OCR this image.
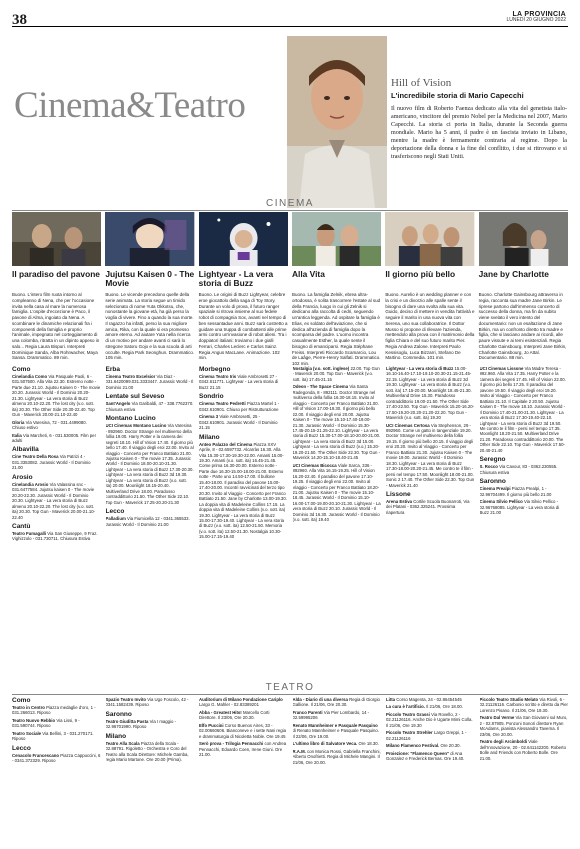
38	LA PROVINCIA
LUNEDÌ 20 GIUGNO 2022
Cinema&Teatro
Hill of Vision
L'incredibile storia di Mario Capecchi

Il nuovo film di Roberto Faenza dedicato alla vita del genetista italo-americano, vincitore del premio Nobel per la Medicina nel 2007, Mario Capecchi. La storia ci porta in Italia, durante la Seconda guerra mondiale. Mario ha 5 anni, il padre è un fascista inviato in Libano, mentre la madre è fermamente contraria al regime. Dopo la deportazione della donna e la fine del conflitto, i due si ritrovano e si trasferiscono negli Stati Uniti.

CINEMA
Il paradiso del pavone
Buono. L'intero film ruota intorno al compleanno di Nena, che per l'occasione invita nella casa al mare la numerosa famiglia. L'ospite d'eccezione è Paco, il pavone di Alma, ingoiato da Nena. A scombinare le dinamiche relazionali fra i componenti della famiglia e proprio l'animale, impegnato nel corteggiamento di una colomba, ritratta in un dipinto appeso in salo... Regia Laura Bispuri. Interpreti Dominique Sanda, Alba Rohrwacher, Maya Sansa. Drammatico. 89 min.
Jujutsu Kaisen 0 - The Movie
Buono. Le vicende precedono quelle della serie animata. La storia segue un timido selezionato di nome Yuta Okkotsu, che, nonostante la giovane età, ha già perso la voglia di vivere. Fino a quando la sua morte. Il ragazzo ha infatti, perso la sua migliore amica, Rika, con la quale si era promesso amore eterno. Ad aiutare Yuta nella ricerca di un motivo per andare avanti ci sarà lo stregone Satoru Gojo e la sua scuola di arti occulte. Regia Park Seonghun. Drammatico. 105 min.
Lightyear - La vera storia di Buzz
Buono. Le origini di Buzz Lightyear, celebre eroe giocattolo della saga di Toy Story. Durante un volo di prova, il futuro ranger spaziale si ritrova insieme al suo fedele robot di compagnia Sox, avanti nel tempo di ben sessantadue anni. Buzz sarà costretto a guidare una truppa di combattenti alle prime armi contro un'invasione di robot alieni. Tra i doppiatori italiani: troviamo i due gialli Ferrari, Charles Leclerc e Carlos Sainz. Regia Angus MacLane. Animazione. 102 min.
Alla Vita
Buono. La famiglia Zelnik, ebrea ultra-ortodossa, è solita trascorrere l'estate al sud della Francia, luogo in cui gli Zelnik si dedicano alla raccolta di cedri, seguendo un'antica leggenda. Ad ospitare la famiglia è Elias, ex soldato dell'aviazione, che si dedica all'azienda di famiglia dopo la scomparsa del padre. L'uomo incontra casualmente Esther, la quale sente il bisogno di emanciparsi. Regia Stéphane Freiss. Interpreti Riccardo Scamarcio, Lou de Laâge, Pierre-Henry Salfati. Drammatico. 102 min.
Il giorno più bello
Buono. Aurelio è un wedding planner e con la crisi e un divorzio alle spalle sente il bisogno di dare una svolta alla sua vita. Guido, deciso di mettere in vendita l'attività e seguire il marito in una nuova vita con Serena, uno sua collaboratrice. Il Dottor Musso si propone di rilevare l'azienda, mettendolo alla prova con il matrimonio della figlia Chiara e del suo futuro marito Pier. Regia Andrea Zalone. Interpreti Paolo Kessisoglu, Luca Bizzarri, Stefano De Martino. Commedia. 101 min.
Jane by Charlotte
Buono. Charlotte Gainsbourg attraverso in regia, racconta sua madre Jane Birkin. Le riprese partono dall'immenso concerto di successo della donna, ma fin da subito viene svelato il vero intento del documentario: non un esaltazione di Jane Birkin, ma un confronto diretto tra madre e figlia, che si lasciano andare ai ricordi, alle paure vissute e ai temi esistenziali. Regia Charlotte Gainsbourg. Interpreti Jane Birkin, Charlotte Gainsbourg, Jo Attal. Documentario. 88 min.
Como
Cinelandia Como Via Pasquale Paoli, 6 - 031.507500. Alla Vita 22.30. Estremo notte - Parte due 21.10. Jujutsu Kaisen 0 - The movie 20.20. Jurassic World - Il Dominio 20.20-21.30. Lightyear - La vera storia di Buzz almeno 20.10-22.20. The lost city (v.o. sott. ita) 20.30. The Other Side 20.30-22.40. Top Gun - Maverick 20.00-21.10-22.40
Gloria Via Varesina, 72 - 031.4499080. Chiuso estivo
Italia Via Marcheti, 6 - 031.530005. Film per adulti
Albavilla
Cine Teatro Della Rosa Via Patrizi 4 - 031.3353082. Jurassic World - Il Dominio 21.00
Arosio
Cinelandia Arosio Via Valassina snc - 031.6477584. Jujutsu kaisen 0 - The movie 20.20-22.30. Jurassic World - Il Dominio 20.30. Lightyear - La vera storia di Buzz almeno 20.10-22.20. The lost city (v.o. sott. ita) 20.30. Top Gun - Maverick 20.00-21.10-22.40
Cantù
Teatro Fumagalli Via San Giuseppe, 9 Fraz. Vighizzolo - 031.730711. Chiusura Estiva
Erba
Cinema Teatro Excelsior Via Diaz - 031.6420099.031.3333447. Jurassic World - Il Dominio 21.00
Lentate sul Seveso
Sant'Angelo Via Garibaldi, 47 - 338.7762370. Chiusura estiva
Montano Lucino
UCI Cinemas Montano Lucino Via Varesina - 892960. Doctor Strange nel multiverso della follia 19.00. Harry Potter e la camera dei segreti 18.10. Hill of Vision 17.40. Il giorno più bello 17.40. Il viaggio degli eroi 22.00. Invito al Viaggio - Concerto per Franco Battiato 21.00. Jujutsu Kaisen 0 - The movie 17.35. Jurassic World - Il Dominio 18.00-20.10-21.30. Lightyear - La vera storia di Buzz 17.30-20.30. Lightyear - La vera storia di Buzz 3d 19.30. Lightyear - La vera storia di Buzz (v.o. sott. ita) 20.00. Moonlight 18.15-20.40. Multiverland Drive 18.00. Paradosso contraddittorio 21.50. The Other Side 22.10. Top Gun - Maverick 17.25-20.20-21.30
Lecco
Palladium Via Fiumicella 12 - 0341.365533. Jurassic World - Il Dominio 21.00
Morbegno
Cinema Teatro Iris Viale Ambrosetti 27 - 0342.611771. Lightyear - La vera storia di Buzz 21.15
Sondrio
Cinema Teatro Pedretti Piazza Martel 1 - 0342.610901. Chiuso per Ristrutturazione
Cinema 3 Viale Ambrosetti, 25 - 0342.610901. Jurassic World - Il Dominio 21.15
Milano
Anteo Palazzo del Cinema Piazza XXV Aprile, 8 - 02.6597732. Alcarràs 16.30. Alla Vita 15.30-17.30-19.30-22.00. Amanti 15.00-19.30. Amanti (v.o. sott. ita) 16.45-21.45. Come prima 16.30-20.00. Esterno notte - Parte due 16.30-15.00-18.00-21.00. Esterno notte - Parte uno 14.50-17.00. Il bullone 15.40-18.00. Il paradiso del pavone 15.00-17.40-20.00. Incontri ravvicinati del terzo tipo 20.30. Invito al Viaggio - Concerto per Franco Battiato 21.50. Jane by Charlotte 13.00-19.30. La doppia vita di Madeleine Collins 17.15. La doppia vita di Madeleine Collins (v.o. sott. ita) 19.30. Lightyear - La vera storia di Buzz 15.00-17.30-19.40. Lightyear - La vera storia di Buzz (v.o. sott. ita) 12.50-21.50. Memoria (v.o. sott. ita) 12.50-21.30. Nostalgia 10.30-15.00-17.15-19.40
Nostalgia (v.o. sott. inglese) 22.00. Top Gun - Maverick 20.00. Top Gun - Maverick (v.o. sott. ita) 17.45-21.15
Odeon - The Space Cinema Via Santa Radegonda, 8 - 892111. Doctor Strange nel multiverso della follia 16.30-18.15. Invito al Viaggio - Concerto per Franco Battiato 21.00. Hill of Vision 17.00-19.30. Il giorno più bello 22.00. Il viaggio degli eroi 20.00. Jujutsu Kaisen 0 - The movie 15.10-17.40-19.00-21.30. Jurassic World - Il Dominio 15.30-17.45-20.15-21.25-22.10. Lightyear - La vera storia di Buzz 15.30-17.00-18.10-20.00-21.00. Lightyear - La vera storia di Buzz 3d 15.00. Lightyear - La vera storia di Buzz (v.o.) 15.20-19.20-21.50. The Other Side 22.30. Top Gun - Maverick 14.20-15.10-18.40-21.45
UCI Cinemas Bicocca Viale Sarca, 336 - 892960. Alla Vita 16.15-19.25. Hill of Vision 16.20-22.40. Il paradiso del pavone 17.10-19.25. Il viaggio degli eroi 22.00. Invito al Viaggio - Concerto per Franco Battiato 18.20-21.00. Jujutsu Kaisen 0 - The movie 15.10-18.45. Jurassic World - Il Dominio 15.10-16.00-17.00-19.00-20.10-21.30. Lightyear - La vera storia di Buzz 20.10. Jurassic World - Il Dominio 3d 16.30. Jurassic World - Il Dominio (v.o. sott. ita) 19.40
Lightyear - La vera storia di Buzz 15.00-16.10-16.40-17.10-19.10-20.30-21.15-21.45-22.15. Lightyear - La vera storia di Buzz 3d 19.30. Lightyear - La vera storia di Buzz (v.o. sott. ita) 17.15-20.00. Moonlight 18.45-21.30. Multiverland Drive 15.30. Paradosso contraddittorio 19.00-21.50. The Other Side 17.40-22.50. Top Gun - Maverick 15.20-16.20-17.50-19.20-20.20-21.20-22.20. Top Gun - Maverick (v.o. sott. ita) 19.20
UCI Cinemas Certosa Via Stephenson, 29 - 892960. Come un gatto in tangenziale 19.20. Doctor Strange nel multiverso della follia 19.15. Il giorno più bello 20.15. Il viaggio degli eroi 20.20. Invito al Viaggio - Concerto per Franco Battiato 21.30. Jujutsu Kaisen 0 - The movie 19.00. Jurassic World - Il Dominio 18.30. Lightyear - La vera storia di Buzz 17.30-18.00-20.20-21.45. Me contro te il film - persi nel tempo 17.50. Moonlight 18.00-21.00. Sonic 2 17.40. The Other Side 22.30. Top Gun - Maverick 21.40
Lissone
Arena Estiva Cortile Scuola Buonarroti, Via dei Platani - 0362.325241. Prossima riapertura
UCI Cinemas Lissone Via Madre Teresa - 892.960. Alla Vita 17.35. Harry Potter e la camera dei segreti 17.45. Hill of Vision 22.00. Il giorno più bello 17.25. Il paradiso del pavone 19.50. Il viaggio degli eroi 19.20. Invito al Viaggio - Concerto per Franco Battiato 21.10. Il Capitale 2 20.50. Jujutsu Kaisen 0 - The movie 18.10. Jurassic World - Il Dominio 17.40-21.00-21.30. Lightyear - La vera storia di Buzz 17.30-19.40-22.10. Lightyear - La vera storia di Buzz 3d 19.50. Me contro te il film - persi nel tempo 17.35. Moonlight 18.20-21.50. Multiverland Drive 21.20. Paradosso contraddittorio 20.00. The Other Side 22.10. Top Gun - Maverick 17.50-20.40-21.40
Seregno
S. Rocco Via Cavour, 83 - 0362.230555. Chiusura estiva
Saronno
Cinema Prealpi Piazza Prealpi, 1 - 02.96704499. Il giorno più bello 21.00
Cinema Silvio Pellico Via Silvio Pellico - 02.96768085. Lightyear - La vera storia di Buzz 21.00
TEATRO
Como
Teatro in Centro Piazza medaglie d'oro, 1 - 031.266013. Riposo
Teatro Nuovo Rebbio Via Lissi, 9 - 031.590744. Riposo
Teatro Sociale Via Bellini, 3 - 031.270171. Riposo
Lecco
Cenacolo Francescano Piazza Cappuccini, 6 - 0341.372329. Riposo
Spazio Teatro Invito Via Ugo Foscolo, 42 - 0341.1582439. Riposo
Saronno
Teatro Giuditta Pasta Via I maggio - 02.96701990. Riposo
Milano
Teatro Alla Scala Piazza della Scala - 02.88791. Rigoletto - Orchestra e Coro del Teatro alla Scala Direttore: Michele Gamba, regia Mario Martone. Ore 20.00 (Prima).
Auditorium di Milano Fondazione Cariplo Largo G. Mahler - 02.83389201
Abba - Greatest Hits! Marcello Corti Direttore. Il 23/06, Ore 20.30.
Elfo Puccini Corso Buenos Aires, 33 - 02.00660606. Bianconeve e i sette Nani regia e drammaturgia di Nicoletta Noble. Ore 19.45
Serò prova - Trilogia Pennacchi con Andrea Pennacchi, Edoardo Coen, Irene Giuni. Ore 21.00.
Alda - Diario di una diversa Regia di Giorgio Gallione. Il 21/06, Ore 20.30.
Franco Parenti Via Pier Lombardo, 14 - 02.59995206
Renato Mannheimer e Pasquale Pasquino di Renato Mannheimer e Pasquale Pasquino. Il 22/06, Ore 19.00.
L'ultimo libro di Salvatore Veca. Ore 18.30.
R.A.M. con Monica Rossi, Gabriella Franchini, Alberto Onofrietti. Regia di Michele Mangini. Il 21/06, Ore 20.00.
Litta Corso Magenta, 24 - 02.86454545
La cura è l'artificio. Il 21/06, Ore 18.00.
Piccolo Teatro Grassi Via Rovello, 2 - 02.21126116. Anche Dio è Ugarte Mimi Colla. Il 21/06, Ore 19.30
Piccolo Teatro Strehler Largo Greppi, 1 - 02.21126116
Milano Flamenco Festival. Ore 20.30.
Proiezione: "Flamenco Queen" di Ana Gonzalez e Frederick Bernas. Ore 19.40.
Piccolo Teatro Studio Melato Via Rivoli, 6 - 02.21126116. Carbonio scritto e diretto da Pier Lorenzo Pisano. Il 21/06, Ore 19.30.
Teatro Dal Verme Via San Giovanni sul Muro, 2 - 02.87905. Ponzoni Sonori direttore Ryan McAdams, pianista Alessandro Taverna. Il 23/06, Ore 20.00.
Teatro degli Arcimboldi Viale dell'Innovazione, 20 - 02.641142200. Roberto Bolle and Friends con Roberto Bolle. Ore 21.00.
